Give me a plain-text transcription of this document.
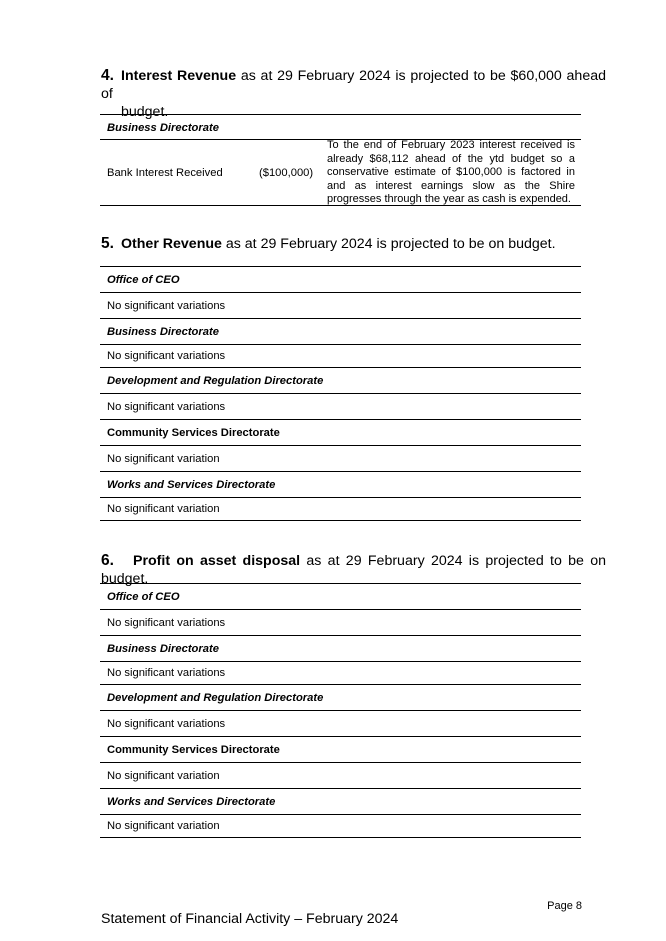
4. Interest Revenue as at 29 February 2024 is projected to be $60,000 ahead of
budget.
Business Directorate
Bank Interest Received	($100,000)
To the end of February 2023 interest received is
already $68,112 ahead of the ytd budget so a
conservative estimate of $100,000 is factored in
and as interest earnings slow as the Shire
progresses through the year as cash is expended.
5. Other Revenue as at 29 February 2024 is projected to be on budget.
Office of CEO
No significant variations
Business Directorate
No significant variations
Development and Regulation Directorate
No significant variations
Community Services Directorate
No significant variation
Works and Services Directorate
No significant variation
6. Profit on asset disposal as at 29 February 2024 is projected to be on budget.
Office of CEO
No significant variations
Business Directorate
No significant variations
Development and Regulation Directorate
No significant variations
Community Services Directorate
No significant variation
Works and Services Directorate
No significant variation
Page 8
Statement of Financial Activity – February 2024
